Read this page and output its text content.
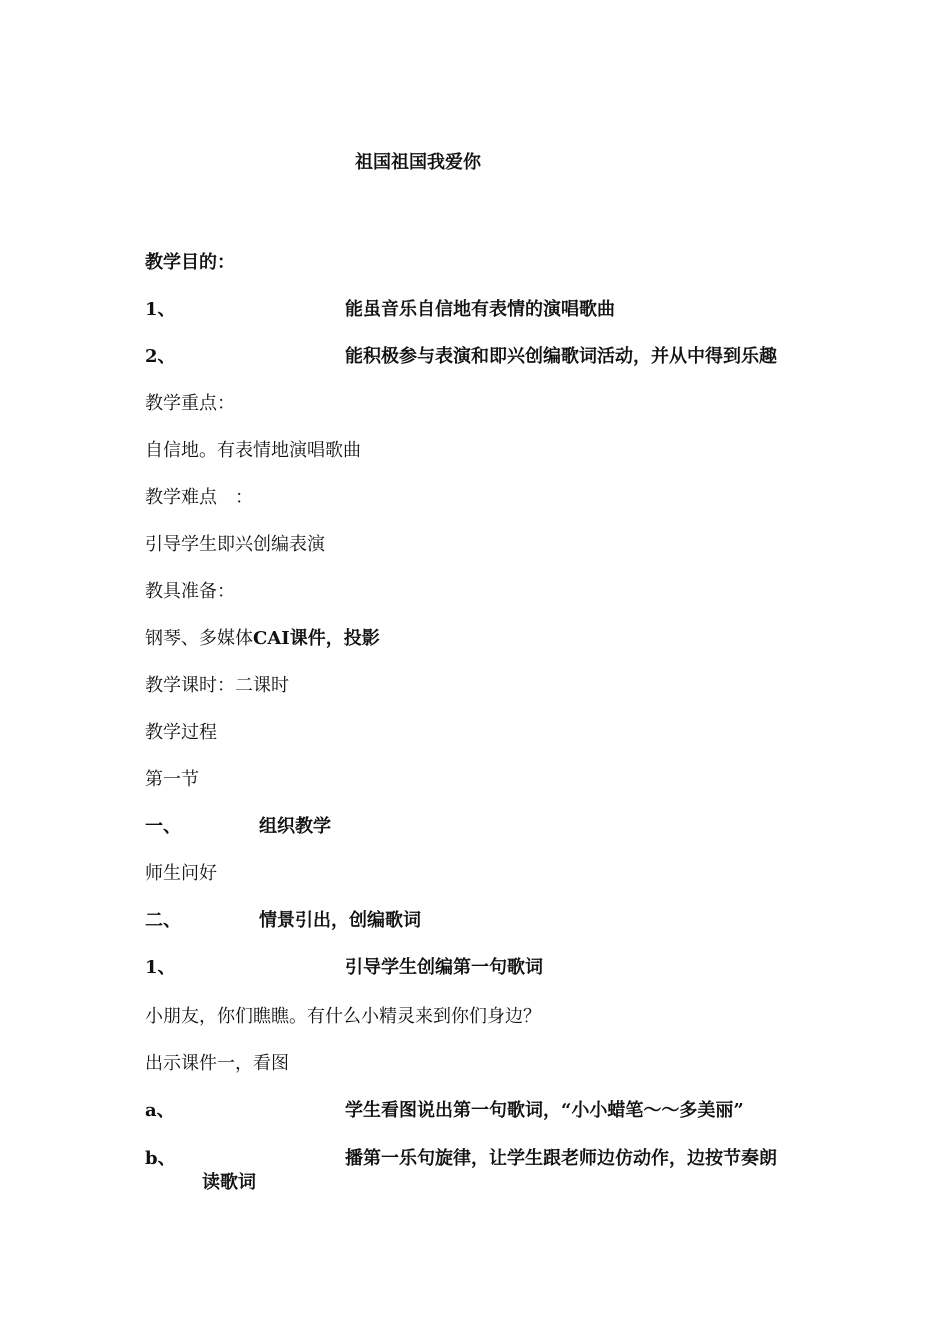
祖国祖国我爱你
教学目的：
1、	能虽音乐自信地有表情的演唱歌曲
2、	能积极参与表演和即兴创编歌词活动，并从中得到乐趣
教学重点：
自信地。有表情地演唱歌曲
教学难点　：
引导学生即兴创编表演
教具准备：
钢琴、多媒体CAI课件，投影
教学课时：二课时
教学过程
第一节
一、	组织教学
师生问好
二、	情景引出，创编歌词
1、	引导学生创编第一句歌词
小朋友，你们瞧瞧。有什么小精灵来到你们身边？
出示课件一，看图
a、	学生看图说出第一句歌词，“小小蜡笔～～多美丽”
b、	播第一乐句旋律，让学生跟老师边仿动作，边按节奏朗
读歌词
